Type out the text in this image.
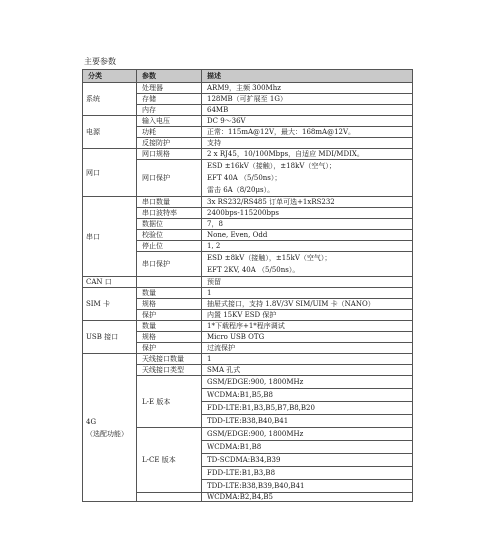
主要参数
分类	参数	描述
系统	处理器	ARM9，主频 300Mhz
	存储	128MB（可扩展至 1G）
	内存	64MB
电源	输入电压	DC 9～36V
	功耗	正常：115mA@12V，最大：168mA@12V。
	反接防护	支持
网口	网口规格	2 x RJ45，10/100Mbps，自适应 MDI/MDIX。
	网口保护	ESD ±16kV（接触），±18kV（空气）；
EFT 40A （5/50ns）；
雷击 6A（8/20μs）。

串口	串口数量	3x RS232/RS485 订单可选+1xRS232
	串口波特率	2400bps-115200bps
	数据位	7，8
	校验位	None, Even, Odd
	停止位	1, 2
	串口保护	ESD ±8kV（接触），±15kV（空气）；
EFT 2KV, 40A （5/50ns）。

CAN 口		预留
SIM 卡	数量	1
	规格	抽屉式接口，支持 1.8V/3V SIM/UIM 卡（NANO）
	保护	内置 15KV ESD 保护
USB 接口	数量	1*下载程序+1*程序调试
	规格	Micro USB OTG
	保护	过流保护

4G
（选配功能）	天线接口数量	1
	天线接口类型	SMA 孔式
	L-E 版本	GSM/EDGE:900, 1800MHz
WCDMA:B1,B5,B8
FDD-LTE:B1,B3,B5,B7,B8,B20
TDD-LTE:B38,B40,B41

	L-CE 版本	GSM/EDGE:900, 1800MHz
WCDMA:B1,B8
TD-SCDMA:B34,B39
FDD-LTE:B1,B3,B8
TDD-LTE:B38,B39,B40,B41

		WCDMA:B2,B4,B5
